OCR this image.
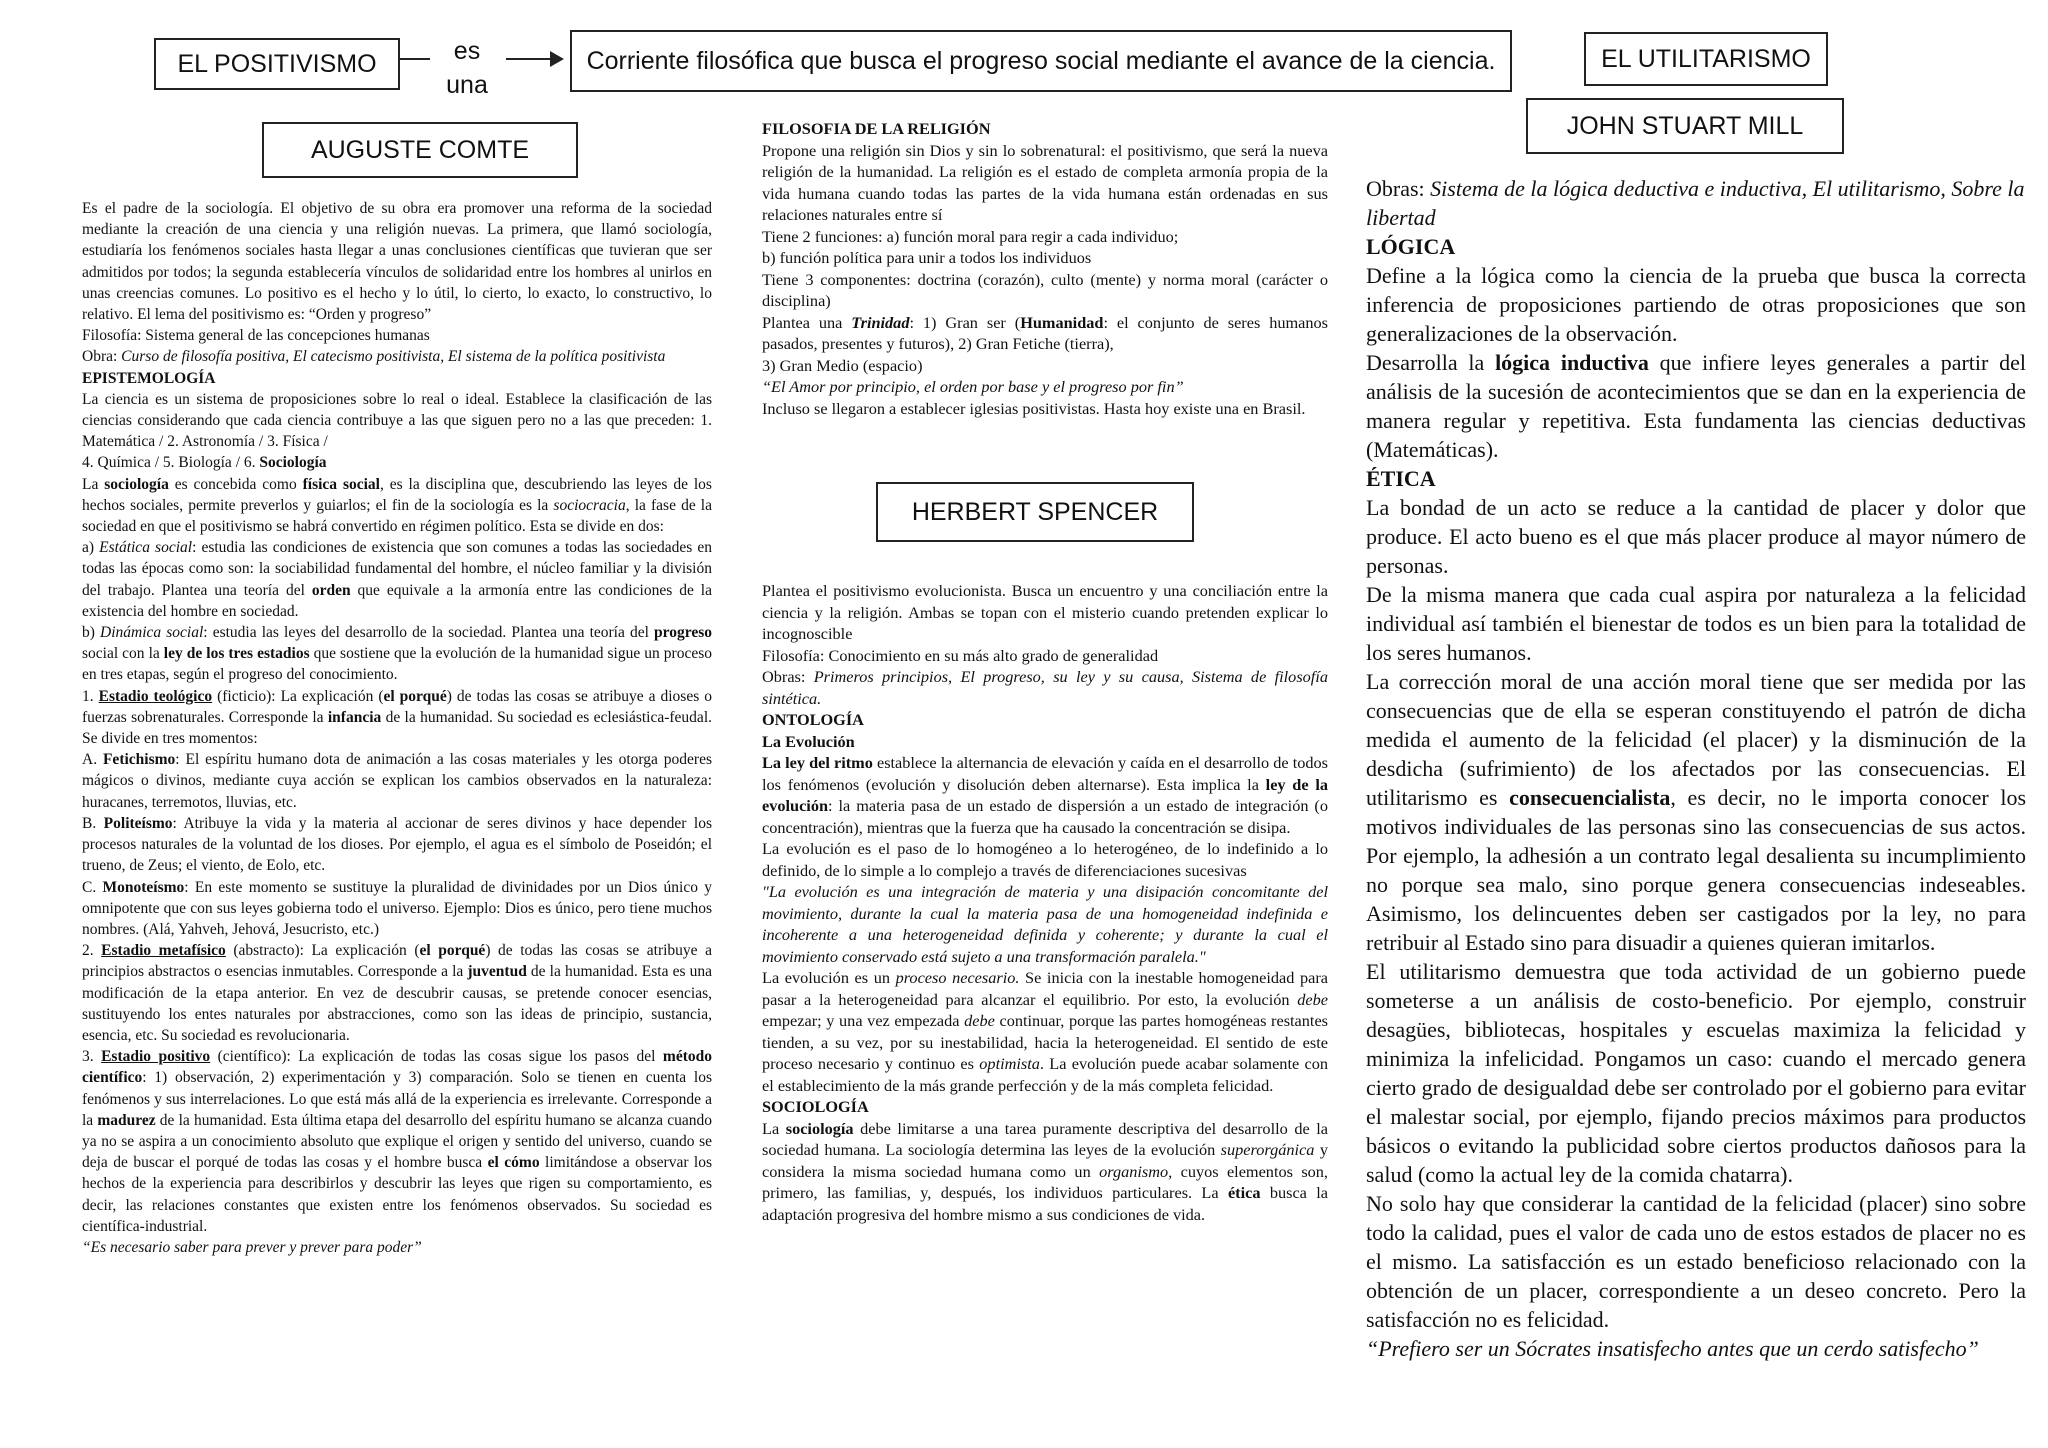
EL POSITIVISMO	es
una
Corriente filosófica que busca el progreso social mediante el avance de la ciencia.	EL UTILITARISMO
AUGUSTE COMTE
JOHN STUART MILL
HERBERT SPENCER

Es el padre de la sociología. El objetivo de su obra era promover una reforma de la sociedad mediante la creación de una ciencia y una religión nuevas. La primera, que llamó sociología, estudiaría los fenómenos sociales hasta llegar a unas conclusiones científicas que tuvieran que ser admitidos por todos; la segunda establecería vínculos de solidaridad entre los hombres al unirlos en unas creencias comunes. Lo positivo es el hecho y lo útil, lo cierto, lo exacto, lo constructivo, lo relativo. El lema del positivismo es: “Orden y progreso”

Filosofía: Sistema general de las concepciones humanas

Obra: Curso de filosofía positiva, El catecismo positivista, El sistema de la política positivista

EPISTEMOLOGÍA

La ciencia es un sistema de proposiciones sobre lo real o ideal. Establece la clasificación de las ciencias considerando que cada ciencia contribuye a las que siguen pero no a las que preceden: 1. Matemática / 2. Astronomía / 3. Física /

4. Química / 5. Biología / 6. Sociología

La sociología es concebida como física social, es la disciplina que, descubriendo las leyes de los hechos sociales, permite preverlos y guiarlos; el fin de la sociología es la sociocracia, la fase de la sociedad en que el positivismo se habrá convertido en régimen político. Esta se divide en dos:

a) Estática social: estudia las condiciones de existencia que son comunes a todas las sociedades en todas las épocas como son: la sociabilidad fundamental del hombre, el núcleo familiar y la división del trabajo. Plantea una teoría del orden que equivale a la armonía entre las condiciones de la existencia del hombre en sociedad.

b) Dinámica social: estudia las leyes del desarrollo de la sociedad. Plantea una teoría del progreso social con la ley de los tres estadios que sostiene que la evolución de la humanidad sigue un proceso en tres etapas, según el progreso del conocimiento.

1. Estadio teológico (ficticio): La explicación (el porqué) de todas las cosas se atribuye a dioses o fuerzas sobrenaturales. Corresponde la infancia de la humanidad. Su sociedad es eclesiástica-feudal. Se divide en tres momentos:

A. Fetichismo: El espíritu humano dota de animación a las cosas materiales y les otorga poderes mágicos o divinos, mediante cuya acción se explican los cambios observados en la naturaleza: huracanes, terremotos, lluvias, etc.

B. Politeísmo: Atribuye la vida y la materia al accionar de seres divinos y hace depender los procesos naturales de la voluntad de los dioses. Por ejemplo, el agua es el símbolo de Poseidón; el trueno, de Zeus; el viento, de Eolo, etc.

C. Monoteísmo: En este momento se sustituye la pluralidad de divinidades por un Dios único y omnipotente que con sus leyes gobierna todo el universo. Ejemplo: Dios es único, pero tiene muchos nombres. (Alá, Yahveh, Jehová, Jesucristo, etc.)

2. Estadio metafísico (abstracto): La explicación (el porqué) de todas las cosas se atribuye a principios abstractos o esencias inmutables. Corresponde a la juventud de la humanidad. Esta es una modificación de la etapa anterior. En vez de descubrir causas, se pretende conocer esencias, sustituyendo los entes naturales por abstracciones, como son las ideas de principio, sustancia, esencia, etc. Su sociedad es revolucionaria.

3. Estadio positivo (científico): La explicación de todas las cosas sigue los pasos del método científico: 1) observación, 2) experimentación y 3) comparación. Solo se tienen en cuenta los fenómenos y sus interrelaciones. Lo que está más allá de la experiencia es irrelevante. Corresponde a la madurez de la humanidad. Esta última etapa del desarrollo del espíritu humano se alcanza cuando ya no se aspira a un conocimiento absoluto que explique el origen y sentido del universo, cuando se deja de buscar el porqué de todas las cosas y el hombre busca el cómo limitándose a observar los hechos de la experiencia para describirlos y descubrir las leyes que rigen su comportamiento, es decir, las relaciones constantes que existen entre los fenómenos observados. Su sociedad es científica-industrial.

“Es necesario saber para prever y prever para poder”

FILOSOFIA DE LA RELIGIÓN

Propone una religión sin Dios y sin lo sobrenatural: el positivismo, que será la nueva religión de la humanidad. La religión es el estado de completa armonía propia de la vida humana cuando todas las partes de la vida humana están ordenadas en sus relaciones naturales entre sí

Tiene 2 funciones: a) función moral para regir a cada individuo;

b) función política para unir a todos los individuos

Tiene 3 componentes: doctrina (corazón), culto (mente) y norma moral (carácter o disciplina)

Plantea una Trinidad: 1) Gran ser (Humanidad: el conjunto de seres humanos pasados, presentes y futuros), 2) Gran Fetiche (tierra),

3) Gran Medio (espacio)

“El Amor por principio, el orden por base y el progreso por fin”

Incluso se llegaron a establecer iglesias positivistas. Hasta hoy existe una en Brasil.

Plantea el positivismo evolucionista. Busca un encuentro y una conciliación entre la ciencia y la religión. Ambas se topan con el misterio cuando pretenden explicar lo incognoscible

Filosofía: Conocimiento en su más alto grado de generalidad

Obras: Primeros principios, El progreso, su ley y su causa, Sistema de filosofía sintética.

ONTOLOGÍA

La Evolución

La ley del ritmo establece la alternancia de elevación y caída en el desarrollo de todos los fenómenos (evolución y disolución deben alternarse). Esta implica la ley de la evolución: la materia pasa de un estado de dispersión a un estado de integración (o concentración), mientras que la fuerza que ha causado la concentración se disipa.

La evolución es el paso de lo homogéneo a lo heterogéneo, de lo indefinido a lo definido, de lo simple a lo complejo a través de diferenciaciones sucesivas

"La evolución es una integración de materia y una disipación concomitante del movimiento, durante la cual la materia pasa de una homogeneidad indefinida e incoherente a una heterogeneidad definida y coherente; y durante la cual el movimiento conservado está sujeto a una transformación paralela."

La evolución es un proceso necesario. Se inicia con la inestable homogeneidad para pasar a la heterogeneidad para alcanzar el equilibrio. Por esto, la evolución debe empezar; y una vez empezada debe continuar, porque las partes homogéneas restantes tienden, a su vez, por su inestabilidad, hacia la heterogeneidad. El sentido de este proceso necesario y continuo es optimista. La evolución puede acabar solamente con el establecimiento de la más grande perfección y de la más completa felicidad.

SOCIOLOGÍA

La sociología debe limitarse a una tarea puramente descriptiva del desarrollo de la sociedad humana. La sociología determina las leyes de la evolución superorgánica y considera la misma sociedad humana como un organismo, cuyos elementos son, primero, las familias, y, después, los individuos particulares. La ética busca la adaptación progresiva del hombre mismo a sus condiciones de vida.

Obras: Sistema de la lógica deductiva e inductiva, El utilitarismo, Sobre la libertad

LÓGICA

Define a la lógica como la ciencia de la prueba que busca la correcta inferencia de proposiciones partiendo de otras proposiciones que son generalizaciones de la observación.

Desarrolla la lógica inductiva que infiere leyes generales a partir del análisis de la sucesión de acontecimientos que se dan en la experiencia de manera regular y repetitiva. Esta fundamenta las ciencias deductivas (Matemáticas).

ÉTICA

La bondad de un acto se reduce a la cantidad de placer y dolor que produce. El acto bueno es el que más placer produce al mayor número de personas.

De la misma manera que cada cual aspira por naturaleza a la felicidad individual así también el bienestar de todos es un bien para la totalidad de los seres humanos.

La corrección moral de una acción moral tiene que ser medida por las consecuencias que de ella se esperan constituyendo el patrón de dicha medida el aumento de la felicidad (el placer) y la disminución de la desdicha (sufrimiento) de los afectados por las consecuencias. El utilitarismo es consecuencialista, es decir, no le importa conocer los motivos individuales de las personas sino las consecuencias de sus actos. Por ejemplo, la adhesión a un contrato legal desalienta su incumplimiento no porque sea malo, sino porque genera consecuencias indeseables. Asimismo, los delincuentes deben ser castigados por la ley, no para retribuir al Estado sino para disuadir a quienes quieran imitarlos.

El utilitarismo demuestra que toda actividad de un gobierno puede someterse a un análisis de costo-beneficio. Por ejemplo, construir desagües, bibliotecas, hospitales y escuelas maximiza la felicidad y minimiza la infelicidad. Pongamos un caso: cuando el mercado genera cierto grado de desigualdad debe ser controlado por el gobierno para evitar el malestar social, por ejemplo, fijando precios máximos para productos básicos o evitando la publicidad sobre ciertos productos dañosos para la salud (como la actual ley de la comida chatarra).

No solo hay que considerar la cantidad de la felicidad (placer) sino sobre todo la calidad, pues el valor de cada uno de estos estados de placer no es el mismo. La satisfacción es un estado beneficioso relacionado con la obtención de un placer, correspondiente a un deseo concreto. Pero la satisfacción no es felicidad.

“Prefiero ser un Sócrates insatisfecho antes que un cerdo satisfecho”
